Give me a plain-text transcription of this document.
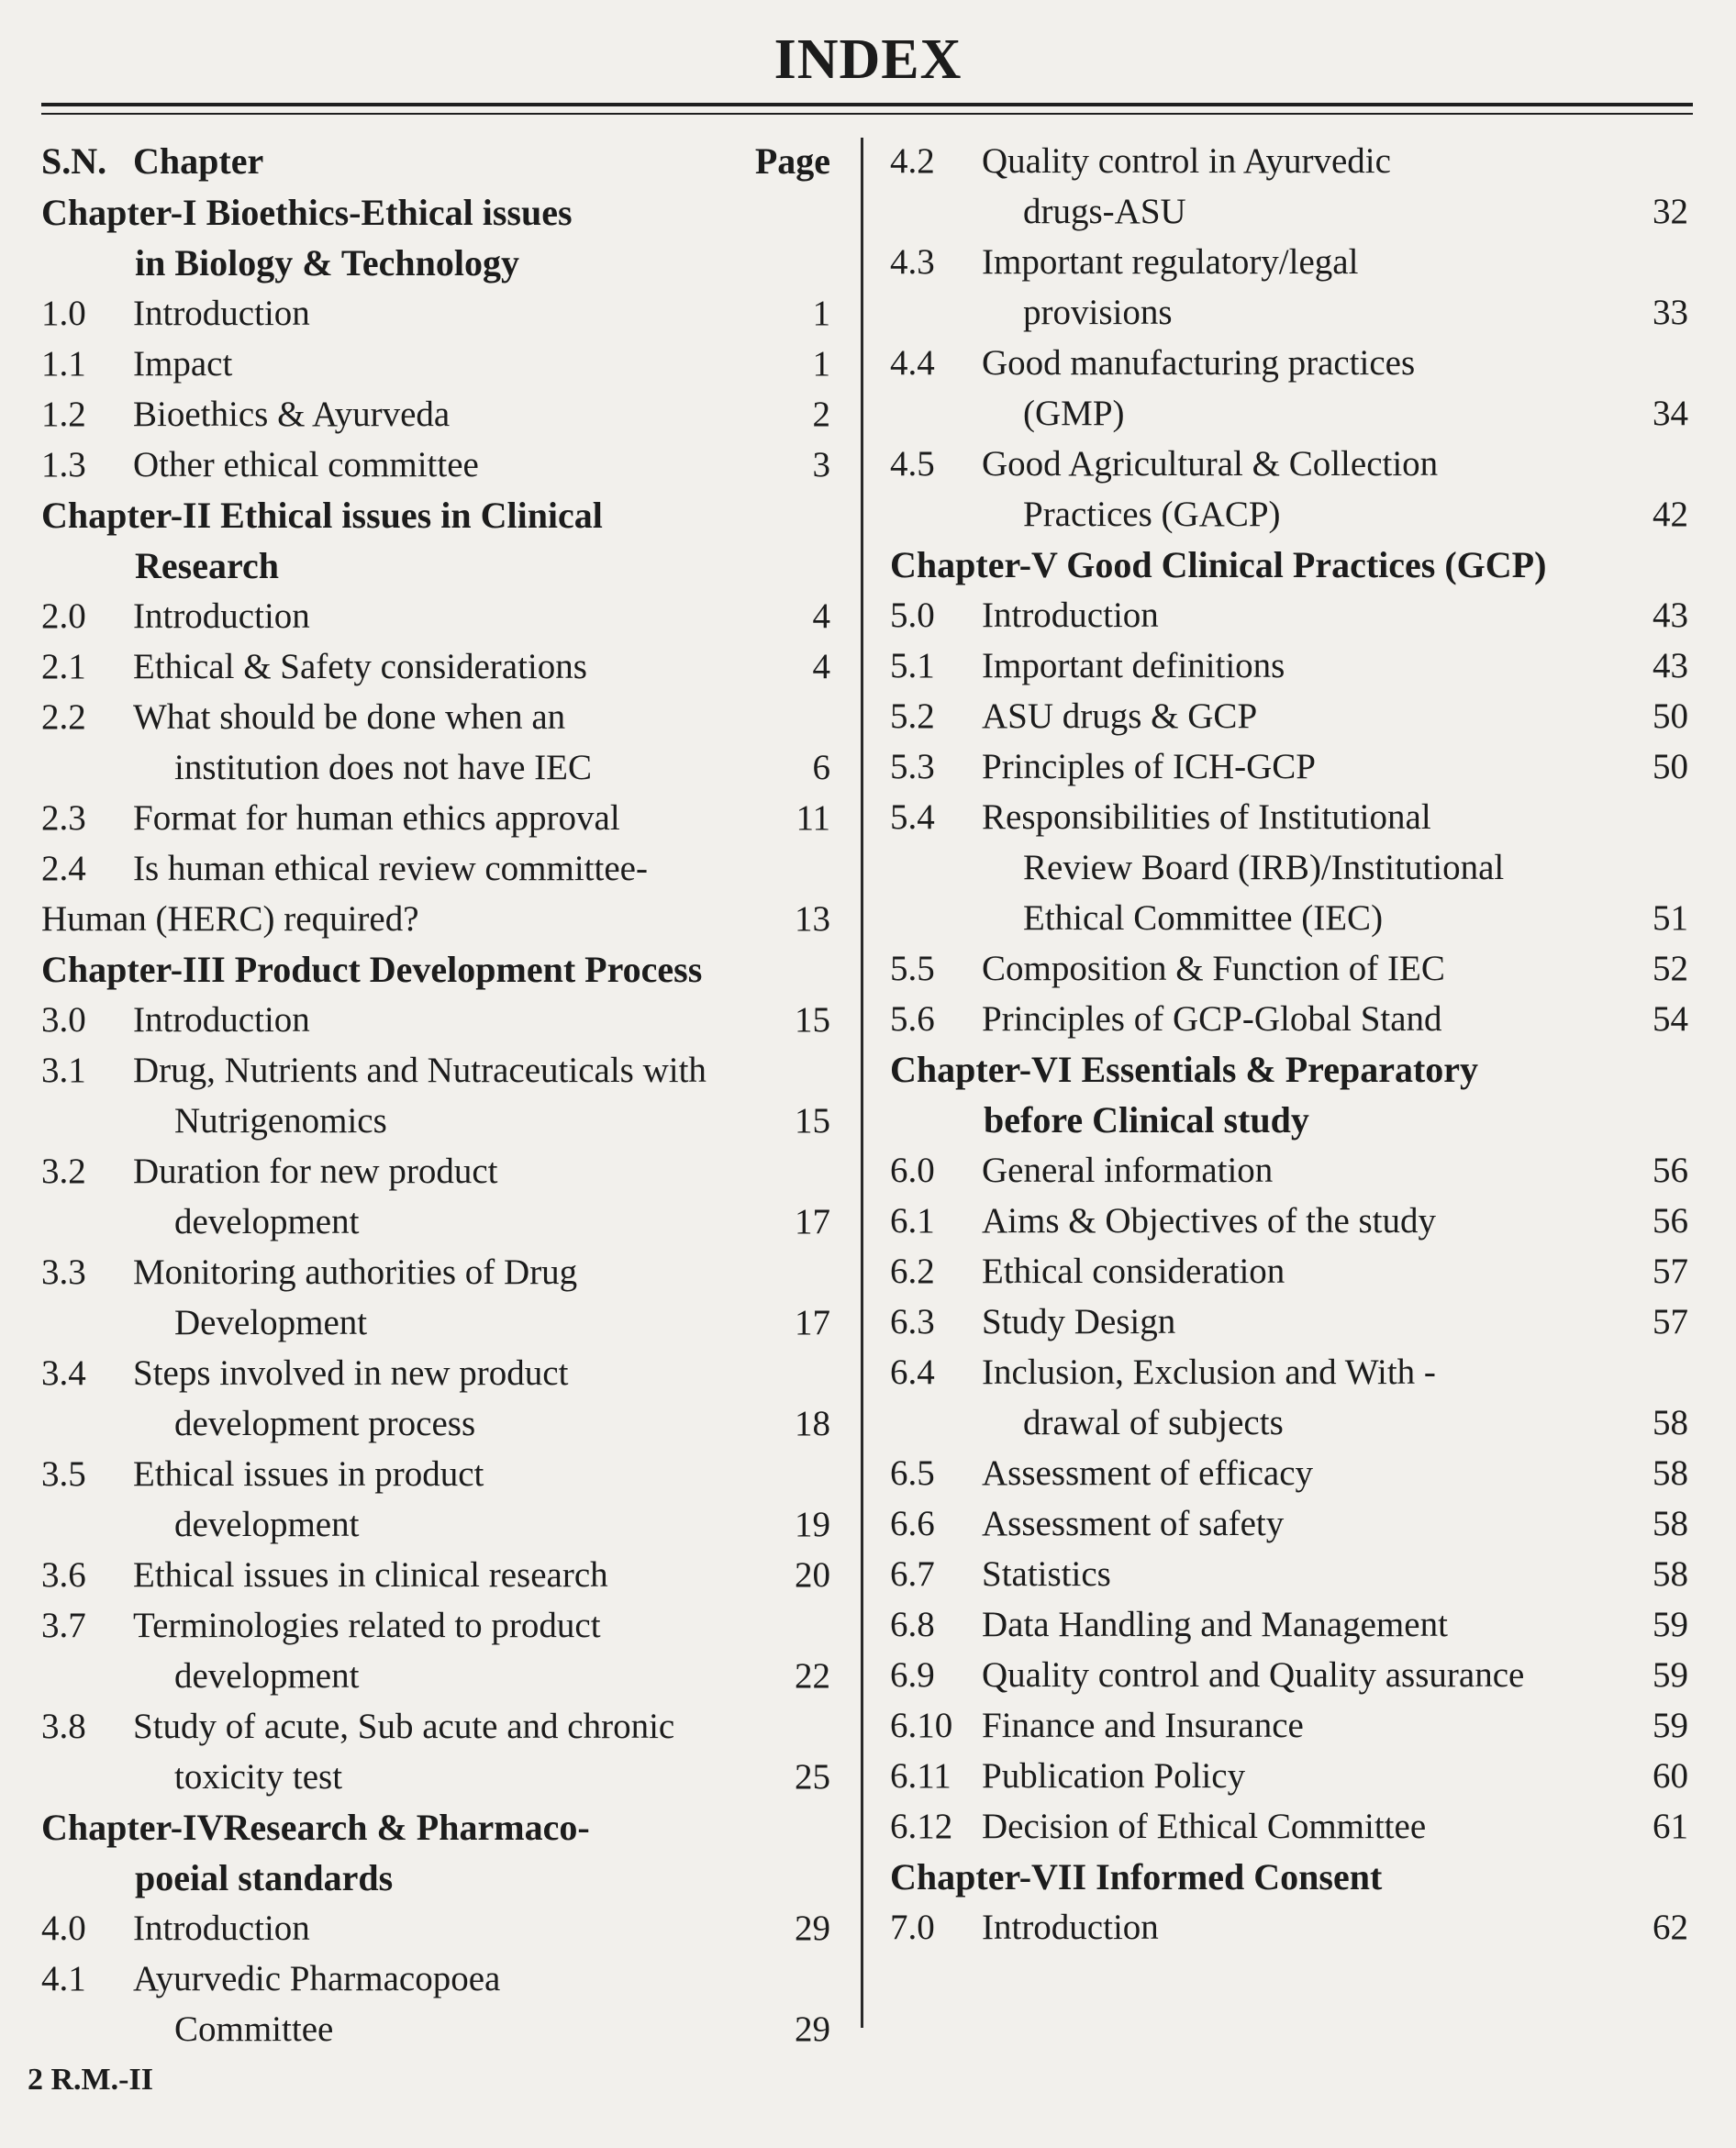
INDEX
S.N. Chapter	Page
Chapter-I Bioethics-Ethical issues
in Biology & Technology
1.0 Introduction	1
1.1 Impact	1
1.2 Bioethics & Ayurveda	2
1.3 Other ethical committee	3
Chapter-II Ethical issues in Clinical
Research
2.0 Introduction	4
2.1 Ethical & Safety considerations	4
2.2 What should be done when an
institution does not have IEC	6
2.3 Format for human ethics approval	11
2.4 Is human ethical review committee-
Human (HERC) required?	13
Chapter-III Product Development Process
3.0 Introduction	15
3.1 Drug, Nutrients and Nutraceuticals with
Nutrigenomics	15
3.2 Duration for new product
development	17
3.3 Monitoring authorities of Drug
Development	17
3.4 Steps involved in new product
development process	18
3.5 Ethical issues in product
development	19
3.6 Ethical issues in clinical research	20
3.7 Terminologies related to product
development	22
3.8 Study of acute, Sub acute and chronic
toxicity test	25
Chapter-IVResearch & Pharmaco-
poeial standards
4.0 Introduction	29
4.1 Ayurvedic Pharmacopoea
Committee	29
4.2 Quality control in Ayurvedic
drugs-ASU	32
4.3 Important regulatory/legal
provisions	33
4.4 Good manufacturing practices
(GMP)	34
4.5 Good Agricultural & Collection
Practices (GACP)	42
Chapter-V Good Clinical Practices (GCP)
5.0 Introduction	43
5.1 Important definitions	43
5.2 ASU drugs & GCP	50
5.3 Principles of ICH-GCP	50
5.4 Responsibilities of Institutional
Review Board (IRB)/Institutional
Ethical Committee (IEC)	51
5.5 Composition & Function of IEC	52
5.6 Principles of GCP-Global Stand	54
Chapter-VI Essentials & Preparatory
before Clinical study
6.0 General information	56
6.1 Aims & Objectives of the study	56
6.2 Ethical consideration	57
6.3 Study Design	57
6.4 Inclusion, Exclusion and With -
drawal of subjects	58
6.5 Assessment of efficacy	58
6.6 Assessment of safety	58
6.7 Statistics	58
6.8 Data Handling and Management	59
6.9 Quality control and Quality assurance	59
6.10 Finance and Insurance	59
6.11 Publication Policy	60
6.12 Decision of Ethical Committee	61
Chapter-VII Informed Consent
7.0 Introduction	62
2 R.M.-II
